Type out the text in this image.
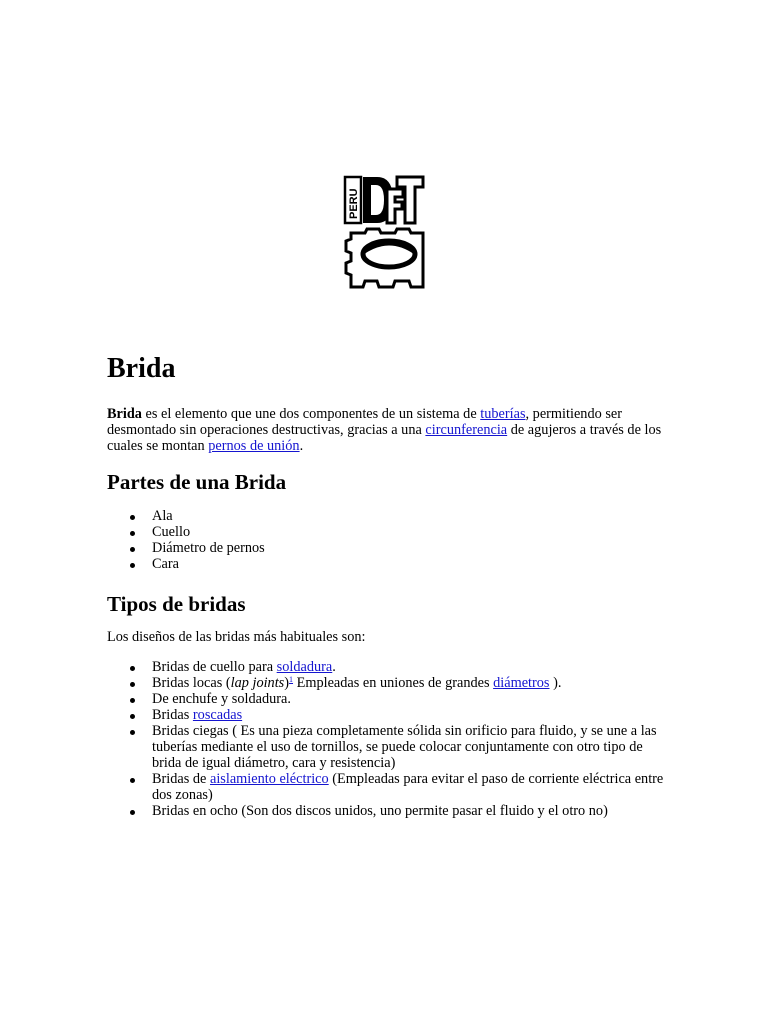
PERU
Brida

Brida es el elemento que une dos componentes de un sistema de tuberías, permitiendo ser desmontado sin operaciones destructivas, gracias a una circunferencia de agujeros a través de los cuales se montan pernos de unión.

Partes de una Brida
Ala
Cuello
Diámetro de pernos
Cara
Tipos de bridas

Los diseños de las bridas más habituales son:

Bridas de cuello para soldadura.
Bridas locas (lap joints)$^1$ Empleadas en uniones de grandes diámetros ).
De enchufe y soldadura.
Bridas roscadas
Bridas ciegas ( Es una pieza completamente sólida sin orificio para fluido, y se une a las tuberías mediante el uso de tornillos, se puede colocar conjuntamente con otro tipo de brida de igual diámetro, cara y resistencia)
Bridas de aislamiento eléctrico (Empleadas para evitar el paso de corriente eléctrica entre dos zonas)
Bridas en ocho (Son dos discos unidos, uno permite pasar el fluido y el otro no)
